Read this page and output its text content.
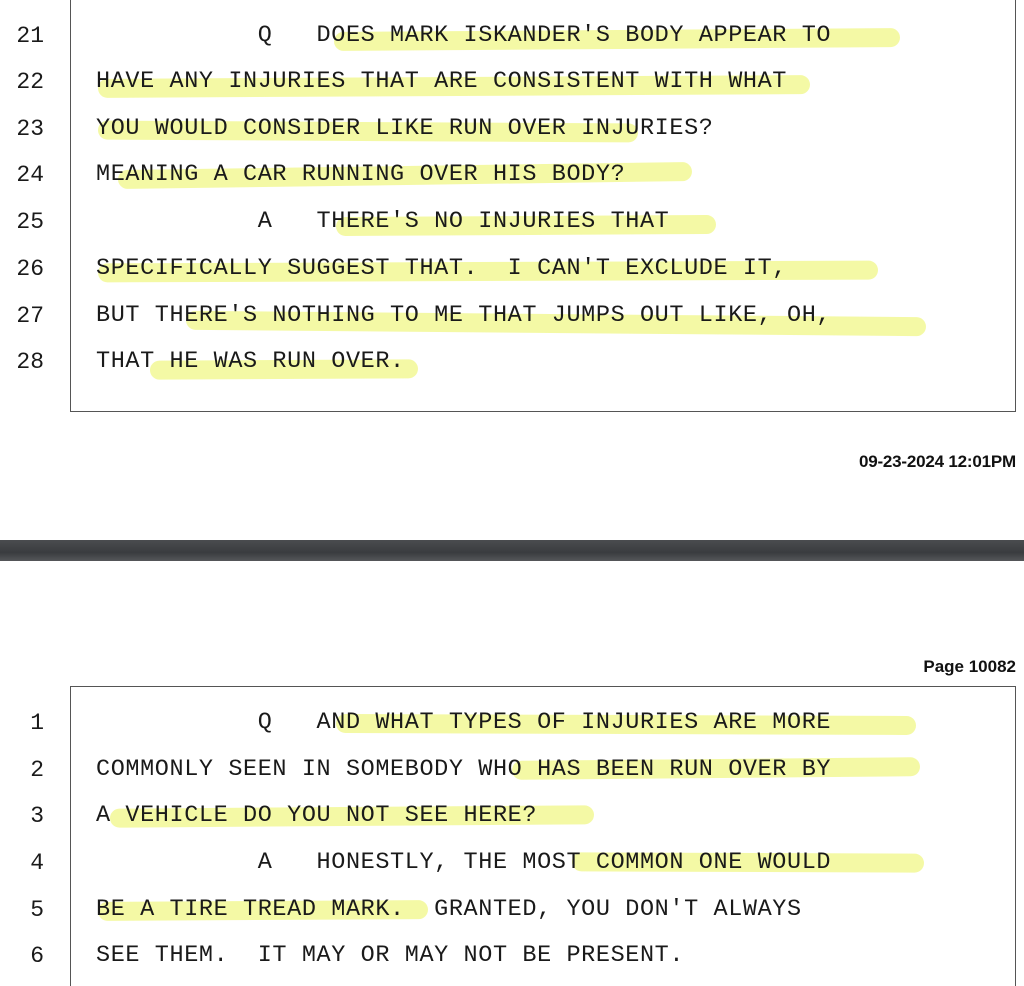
21 Q   DOES MARK ISKANDER'S BODY APPEAR TO
22 HAVE ANY INJURIES THAT ARE CONSISTENT WITH WHAT
23 YOU WOULD CONSIDER LIKE RUN OVER INJURIES?
24 MEANING A CAR RUNNING OVER HIS BODY?
25 A   THERE'S NO INJURIES THAT
26 SPECIFICALLY SUGGEST THAT.  I CAN'T EXCLUDE IT,
27 BUT THERE'S NOTHING TO ME THAT JUMPS OUT LIKE, OH,
28 THAT HE WAS RUN OVER.
09-23-2024 12:01PM
Page 10082
1 Q   AND WHAT TYPES OF INJURIES ARE MORE
2 COMMONLY SEEN IN SOMEBODY WHO HAS BEEN RUN OVER BY
3 A VEHICLE DO YOU NOT SEE HERE?
4 A   HONESTLY, THE MOST COMMON ONE WOULD
5 BE A TIRE TREAD MARK.  GRANTED, YOU DON'T ALWAYS
6 SEE THEM.  IT MAY OR MAY NOT BE PRESENT.
